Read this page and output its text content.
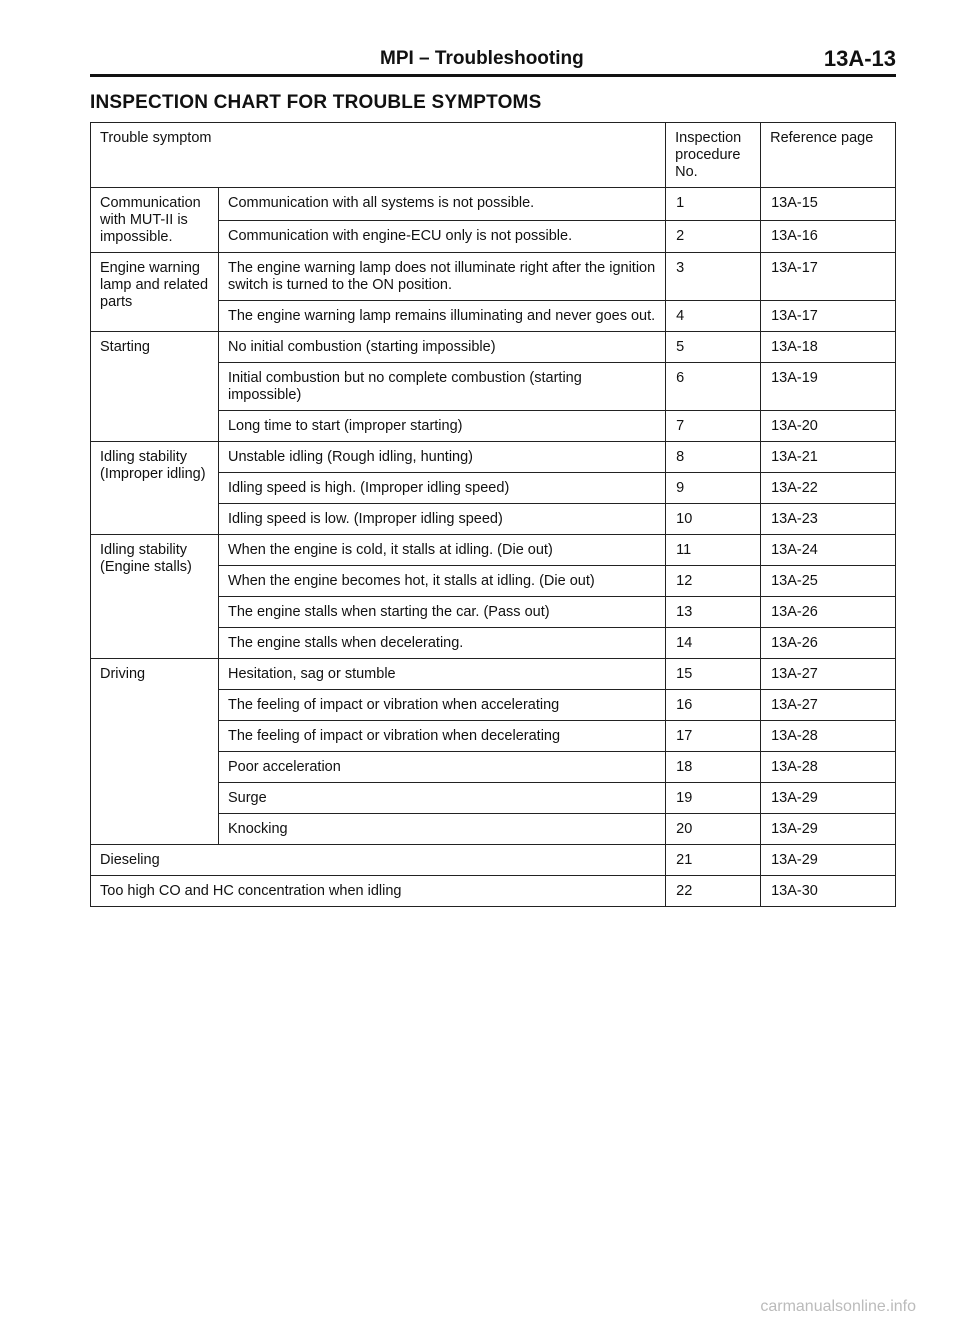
MPI – Troubleshooting	13A-13
INSPECTION CHART FOR TROUBLE SYMPTOMS
Trouble symptom		Inspection procedure No.	Reference page
Communication with MUT-II is impossible.	Communication with all systems is not possible.	1	13A-15
	Communication with engine-ECU only is not possible.	2	13A-16
Engine warning lamp and related parts	The engine warning lamp does not illuminate right after the ignition switch is turned to the ON position.	3	13A-17
	The engine warning lamp remains illuminating and never goes out.	4	13A-17
Starting	No initial combustion (starting impossible)	5	13A-18
	Initial combustion but no complete combustion (starting impossible)	6	13A-19
	Long time to start (improper starting)	7	13A-20
Idling stability (Improper idling)	Unstable idling (Rough idling, hunting)	8	13A-21
	Idling speed is high. (Improper idling speed)	9	13A-22
	Idling speed is low. (Improper idling speed)	10	13A-23
Idling stability (Engine stalls)	When the engine is cold, it stalls at idling. (Die out)	11	13A-24
	When the engine becomes hot, it stalls at idling. (Die out)	12	13A-25
	The engine stalls when starting the car. (Pass out)	13	13A-26
	The engine stalls when decelerating.	14	13A-26
Driving	Hesitation, sag or stumble	15	13A-27
	The feeling of impact or vibration when accelerating	16	13A-27
	The feeling of impact or vibration when decelerating	17	13A-28
	Poor acceleration	18	13A-28
	Surge	19	13A-29
	Knocking	20	13A-29
Dieseling		21	13A-29
Too high CO and HC concentration when idling		22	13A-30
carmanualsonline.info
